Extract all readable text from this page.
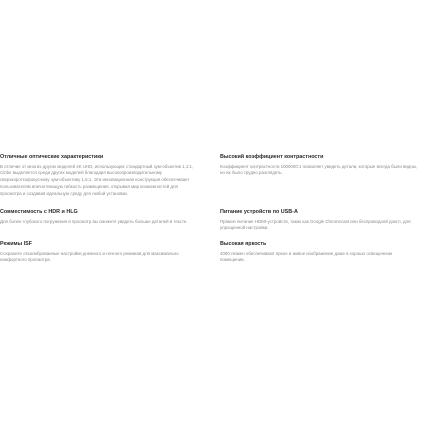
Отличные оптические характеристики

В отличие от многих других моделей 4K UHD, использующих стандартный зум-объектив 1,1:1, Cinbe выделяется среди других моделей благодаря высокопроизводительному сверхкороткофокусному зум-объективу 1,5:1. Эта инновационная конструкция обеспечивает пользователям впечатляющую гибкость размещения, открывая мир возможностей для просмотра и создавая идеальную среду для любой установки.

Совместимость с HDR и HLG

Для более глубокого погружения в просмотр вы сможете увидеть больше деталей в тексте.

Режимы ISF

Сохраните откалиброванные настройки дневного и ночного режимов для максимально комфортного просмотра.

Высокий коэффициент контрастности

Коэффициент контрастности 1000000:1 позволяет увидеть детали, которые всегда были видны, но их было трудно разглядеть.

Питание устройств по USB-A

Прямое питание HDMI-устройств, таких как Google Chromecast или беспроводной донгл, для упрощенной настройки.

Высокая яркость

4000 люмен обеспечивают яркое и живое изображение даже в хорошо освещенном помещении.
